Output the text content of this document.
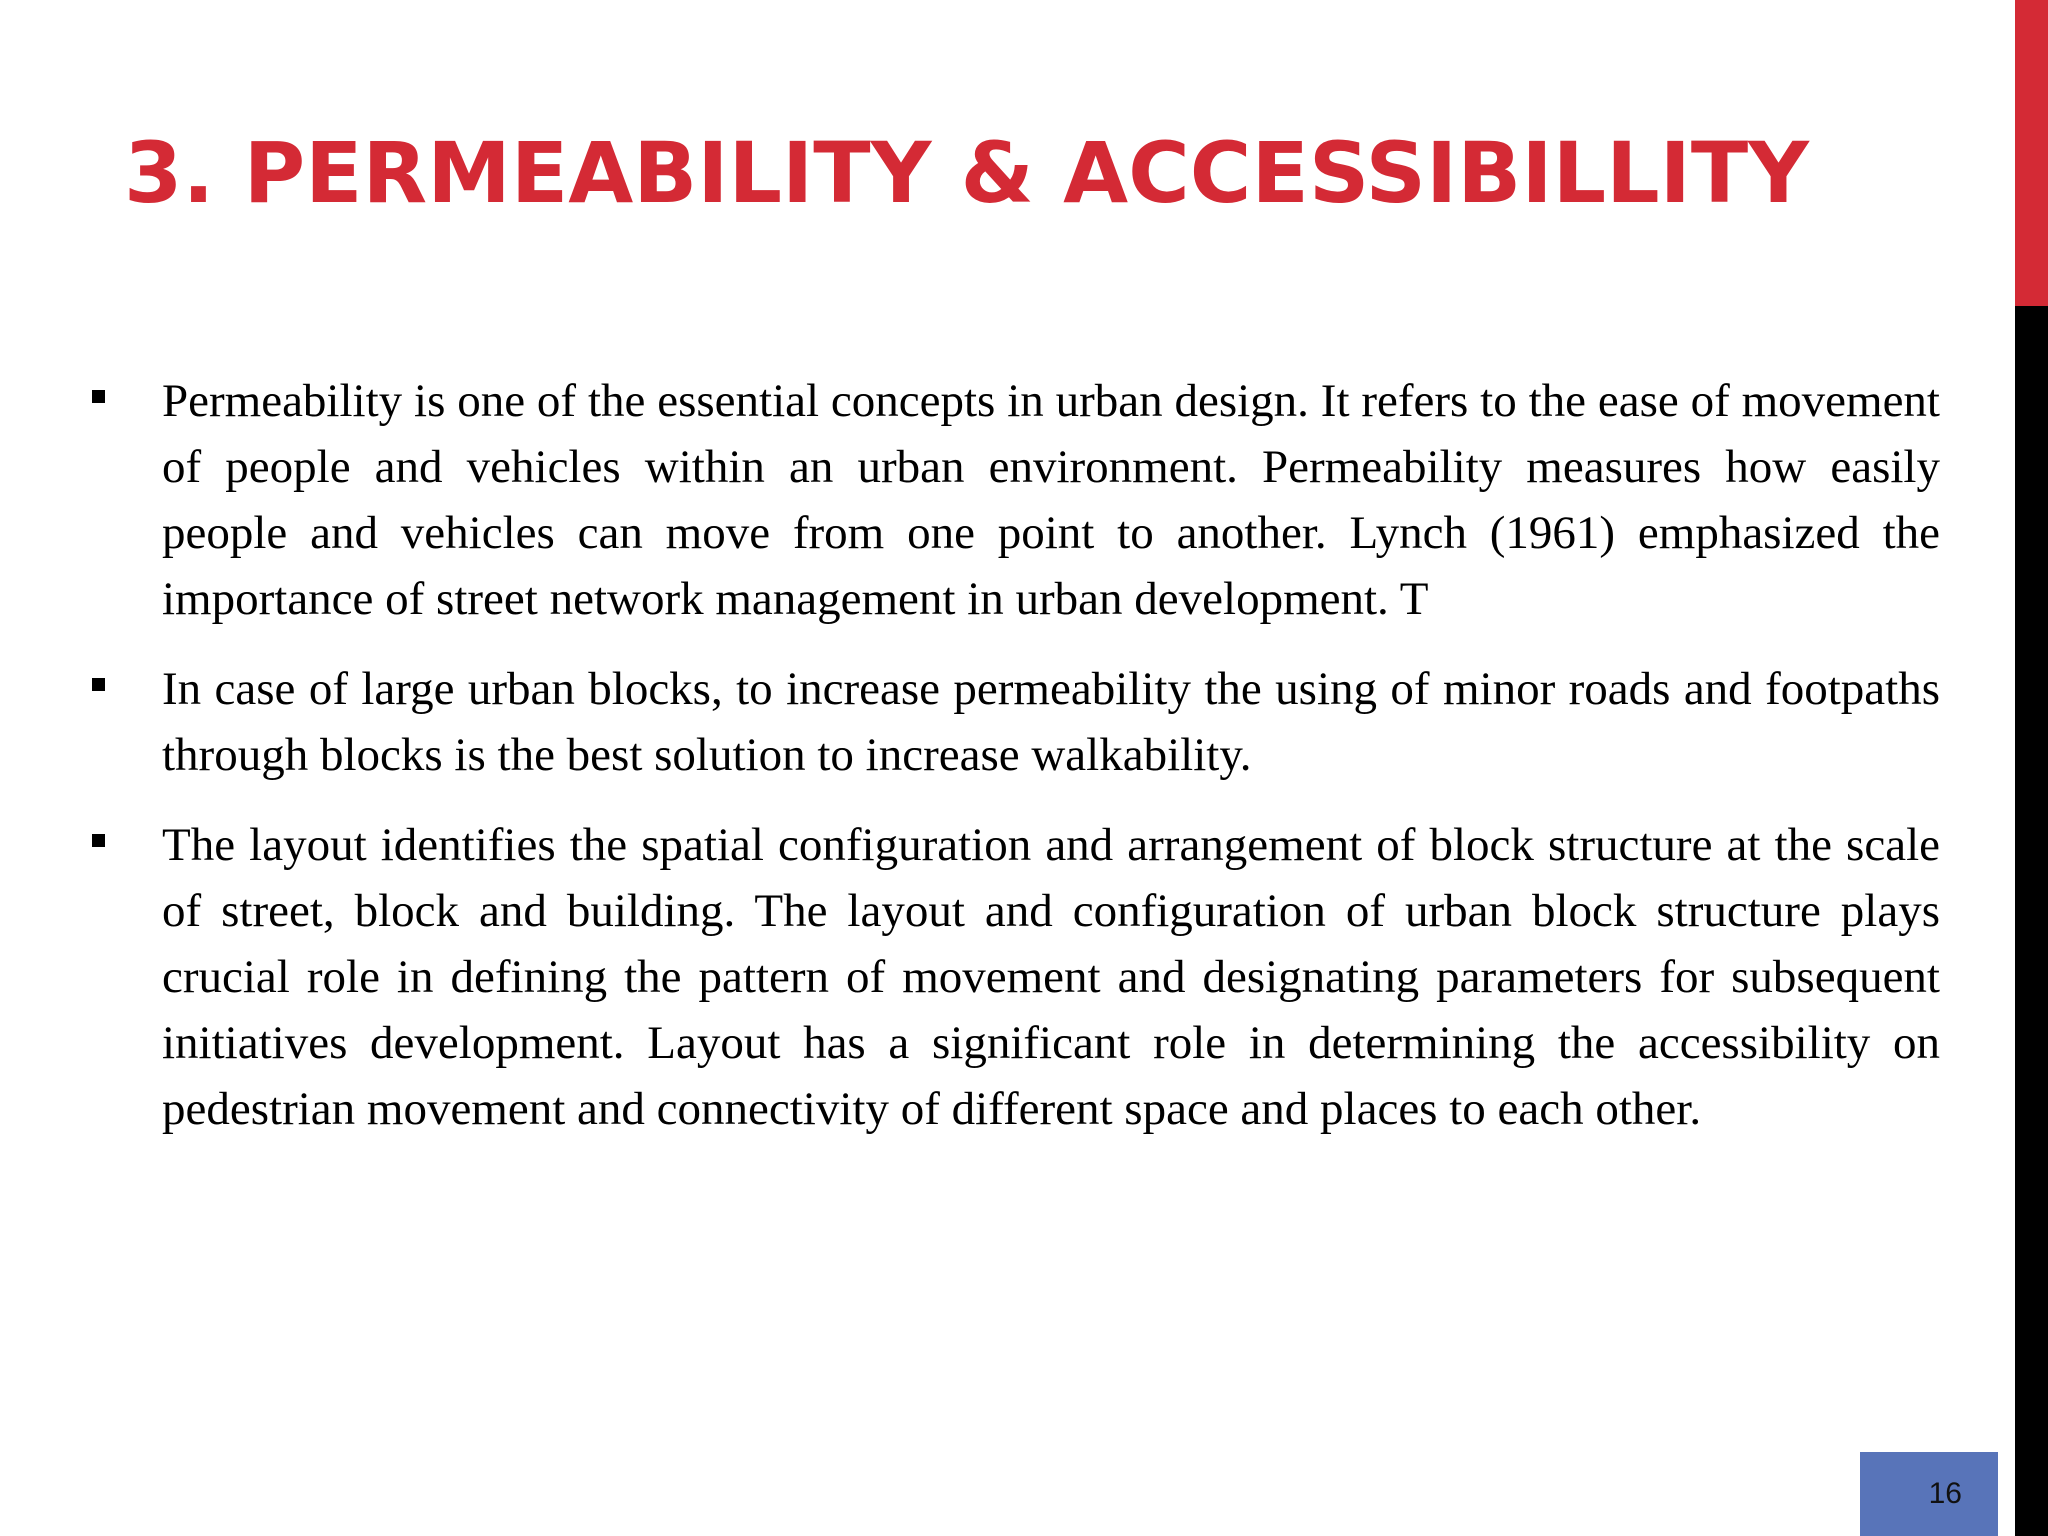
3. PERMEABILITY & ACCESSIBILLITY
Permeability is one of the essential concepts in urban design. It refers to the ease of movement of people and vehicles within an urban environment. Permeability measures how easily people and vehicles can move from one point to another. Lynch (1961) emphasized the importance of street network management in urban development. T
In case of large urban blocks, to increase permeability the using of minor roads and footpaths through blocks is the best solution to increase walkability.
The layout identifies the spatial configuration and arrangement of block structure at the scale of street, block and building. The layout and configuration of urban block structure plays crucial role in defining the pattern of movement and designating parameters for subsequent initiatives development. Layout has a significant role in determining the accessibility on pedestrian movement and connectivity of different space and places to each other.
16
